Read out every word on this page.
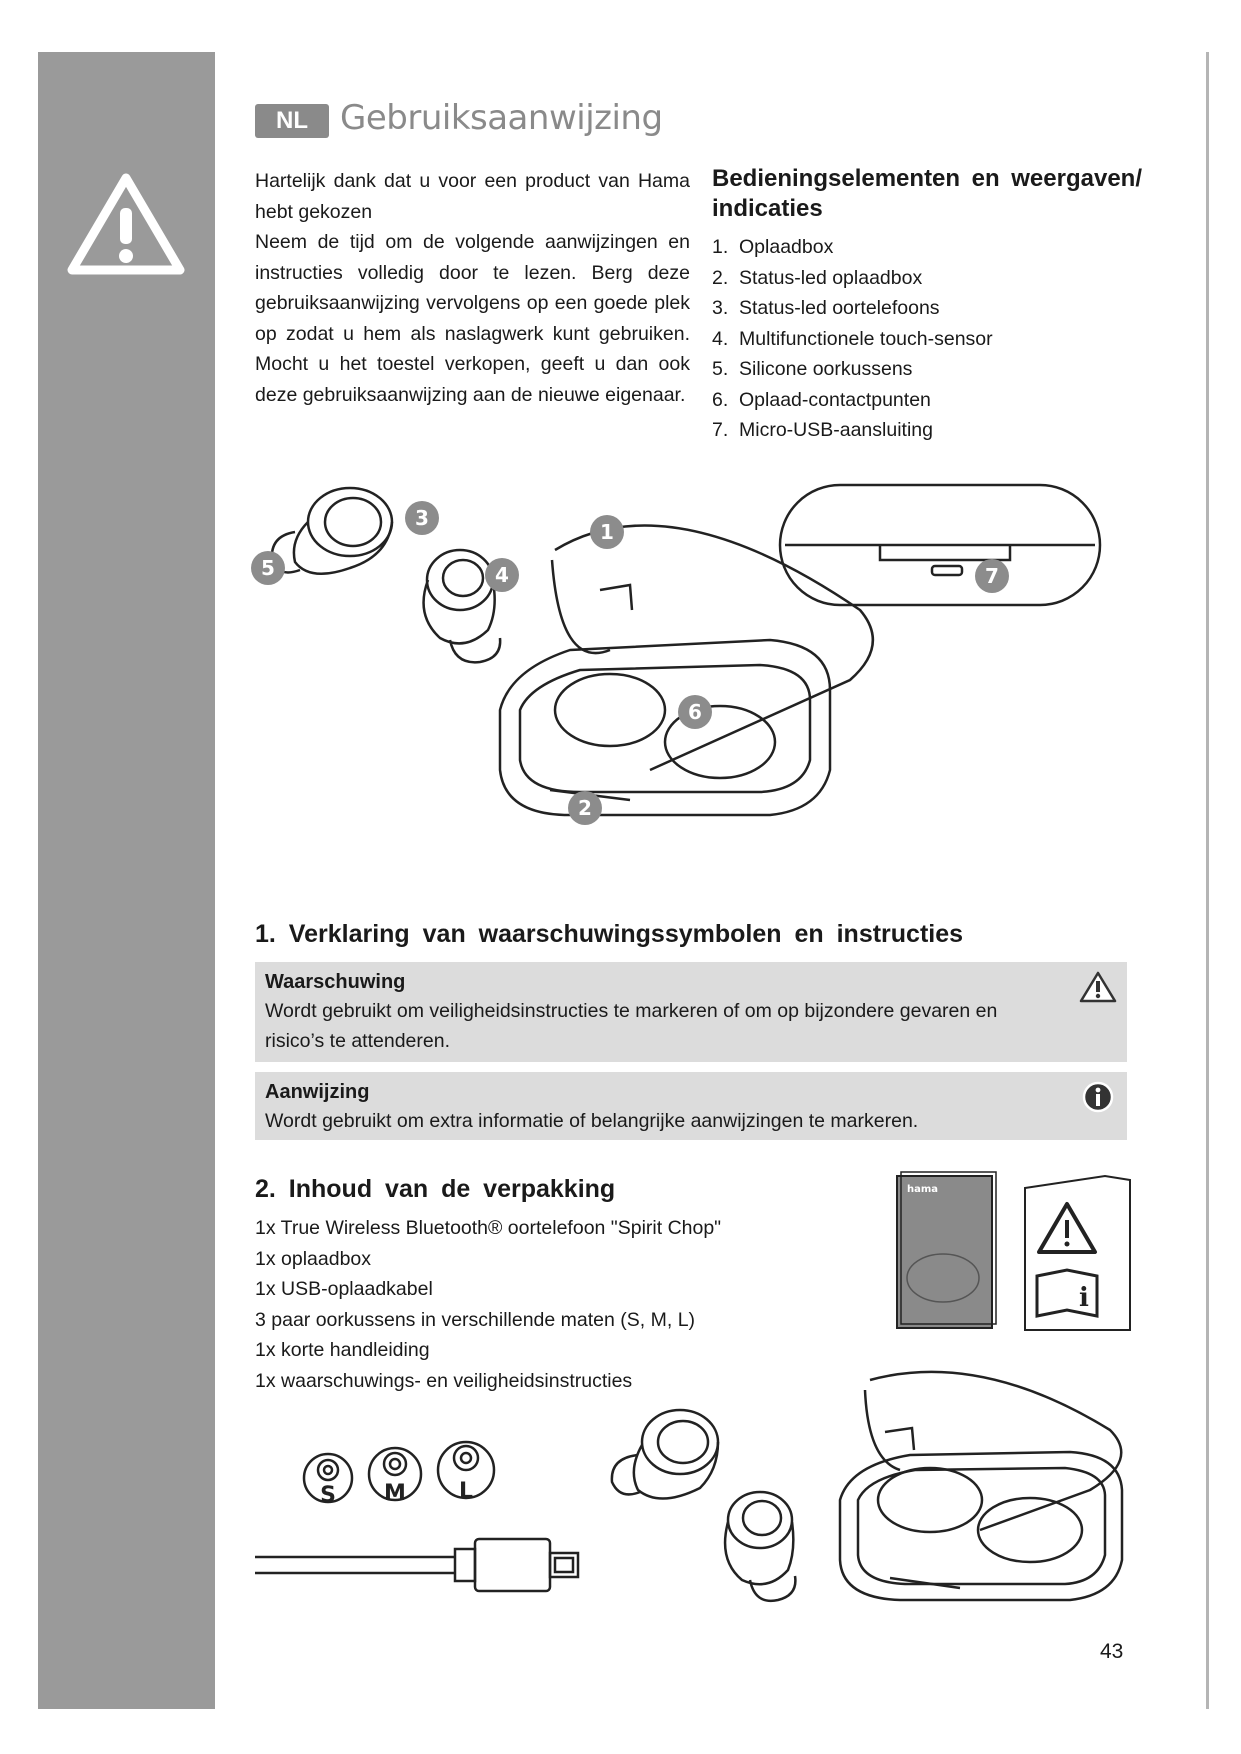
NL Gebruiksaanwijzing

Hartelijk dank dat u voor een product van Hama hebt gekozen

Neem de tijd om de volgende aanwijzingen en instructies volledig door te lezen. Berg deze gebruiksaanwijzing vervolgens op een goede plek op zodat u hem als naslagwerk kunt gebruiken. Mocht u het toestel verkopen, geeft u dan ook deze gebruiksaanwijzing aan de nieuwe eigenaar.

Bedieningselementen en weergaven/ indicaties
1. Oplaadbox
2. Status-led oplaadbox
3. Status-led oortelefoons
4. Multifunctionele touch-sensor
5. Silicone oorkussens
6. Oplaad-contactpunten
7. Micro-USB-aansluiting
1
2
3
4
5
6
7
1. Verklaring van waarschuwingssymbolen en instructies
Waarschuwing
Wordt gebruikt om veiligheidsinstructies te markeren of om op bijzondere gevaren en risico’s te attenderen.
Aanwijzing
Wordt gebruikt om extra informatie of belangrijke aanwijzingen te markeren.
2. Inhoud van de verpakking
1x True Wireless Bluetooth® oortelefoon "Spirit Chop"
1x oplaadbox
1x USB-oplaadkabel
3 paar oorkussens in verschillende maten (S, M, L)
1x korte handleiding
1x waarschuwings- en veiligheidsinstructies
hama
i
S M L
43
